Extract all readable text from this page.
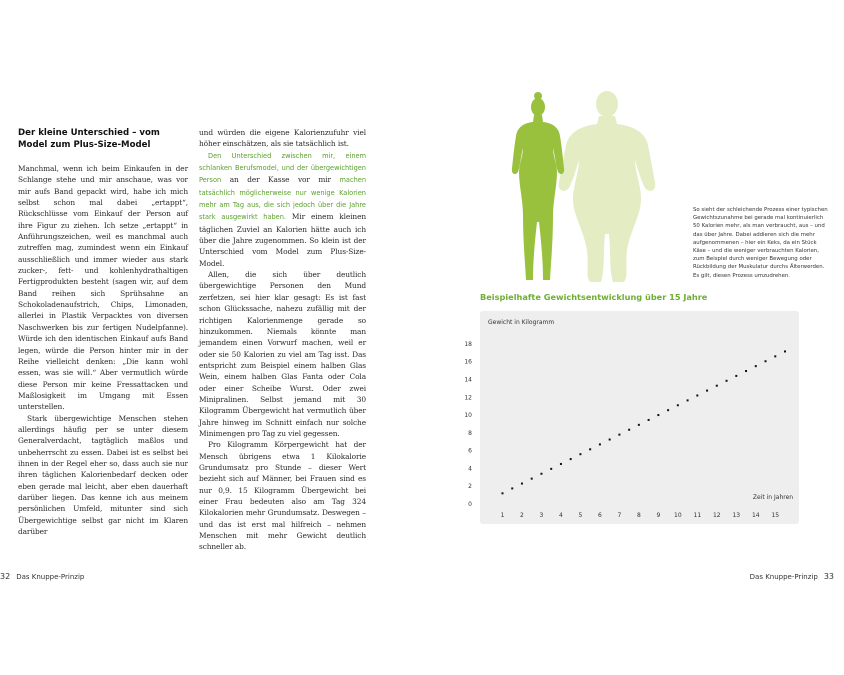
Der kleine Unterschied – vom Model zum Plus-Size-Model

Manchmal, wenn ich beim Einkaufen in der Schlange stehe und mir anschaue, was vor mir aufs Band gepackt wird, habe ich mich selbst schon mal dabei „ertappt“, Rückschlüsse vom Einkauf der Person auf ihre Figur zu ziehen. Ich setze „ertappt“ in Anführungszeichen, weil es manchmal auch zutreffen mag, zumindest wenn ein Einkauf ausschließlich und immer wieder aus stark zucker-, fett- und kohlenhydrathaltigen Fertigprodukten besteht (sagen wir, auf dem Band reihen sich Sprühsahne an Schokoladenaufstrich, Chips, Limonaden, allerlei in Plastik Verpacktes von diversen Naschwerken bis zur fertigen Nudelpfanne). Würde ich den identischen Einkauf aufs Band legen, würde die Person hinter mir in der Reihe vielleicht denken: „Die kann wohl essen, was sie will.“ Aber vermutlich würde diese Person mir keine Fressattacken und Maßlosigkeit im Umgang mit Essen unterstellen.

Stark übergewichtige Menschen stehen allerdings häufig per se unter diesem Generalverdacht, tagtäglich maßlos und unbeherrscht zu essen. Dabei ist es selbst bei ihnen in der Regel eher so, dass auch sie nur ihren täglichen Kalorienbedarf decken oder eben gerade mal leicht, aber eben dauerhaft darüber liegen. Das kenne ich aus meinem persönlichen Umfeld, mitunter sind sich Übergewichtige selbst gar nicht im Klaren darüber

und würden die eigene Kalorienzufuhr viel höher einschätzen, als sie tatsächlich ist.

Den Unterschied zwischen mir, einem schlanken Berufsmodel, und der übergewichtigen Person an der Kasse vor mir machen tatsächlich möglicherweise nur wenige Kalorien mehr am Tag aus, die sich jedoch über die Jahre stark ausgewirkt haben. Mir einem kleinen täglichen Zuviel an Kalorien hätte auch ich über die Jahre zugenommen. So klein ist der Unterschied vom Model zum Plus-Size-Model.

Allen, die sich über deutlich übergewichtige Personen den Mund zerfetzen, sei hier klar gesagt: Es ist fast schon Glückssache, nahezu zufällig mit der richtigen Kalorienmenge gerade so hinzukommen. Niemals könnte man jemandem einen Vorwurf machen, weil er oder sie 50 Kalorien zu viel am Tag isst. Das entspricht zum Beispiel einem halben Glas Wein, einem halben Glas Fanta oder Cola oder einer Scheibe Wurst. Oder zwei Minipralinen. Selbst jemand mit 30 Kilogramm Übergewicht hat vermutlich über Jahre hinweg im Schnitt einfach nur solche Minimengen pro Tag zu viel gegessen.

Pro Kilogramm Körpergewicht hat der Mensch übrigens etwa 1 Kilokalorie Grundumsatz pro Stunde – dieser Wert bezieht sich auf Männer, bei Frauen sind es nur 0,9. 15 Kilogramm Übergewicht bei einer Frau bedeuten also am Tag 324 Kilokalorien mehr Grundumsatz. Deswegen – und das ist erst mal hilfreich – nehmen Menschen mit mehr Gewicht deutlich schneller ab.

32 Das Knuppe-Prinzip
So sieht der schleichende Prozess einer typischen Gewichtszunahme bei gerade mal kontinuierlich 50 Kalorien mehr, als man verbraucht, aus – und das über Jahre. Dabei addieren sich die mehr aufgenommenen – hier ein Keks, da ein Stück Käse – und die weniger verbrauchten Kalorien, zum Beispiel durch weniger Bewegung oder Rückbildung der Muskulatur durchs Älterwerden. Es gilt, diesen Prozess umzudrehen.
Beispielhafte Gewichtsentwicklung über 15 Jahre
Gewicht in Kilogramm
Zeit in Jahren
0
2
4
6
8
10
12
14
16
18
1	2	3	4	5	6	7	8	9 10 11 12 13 14 15
Das Knuppe-Prinzip 33
